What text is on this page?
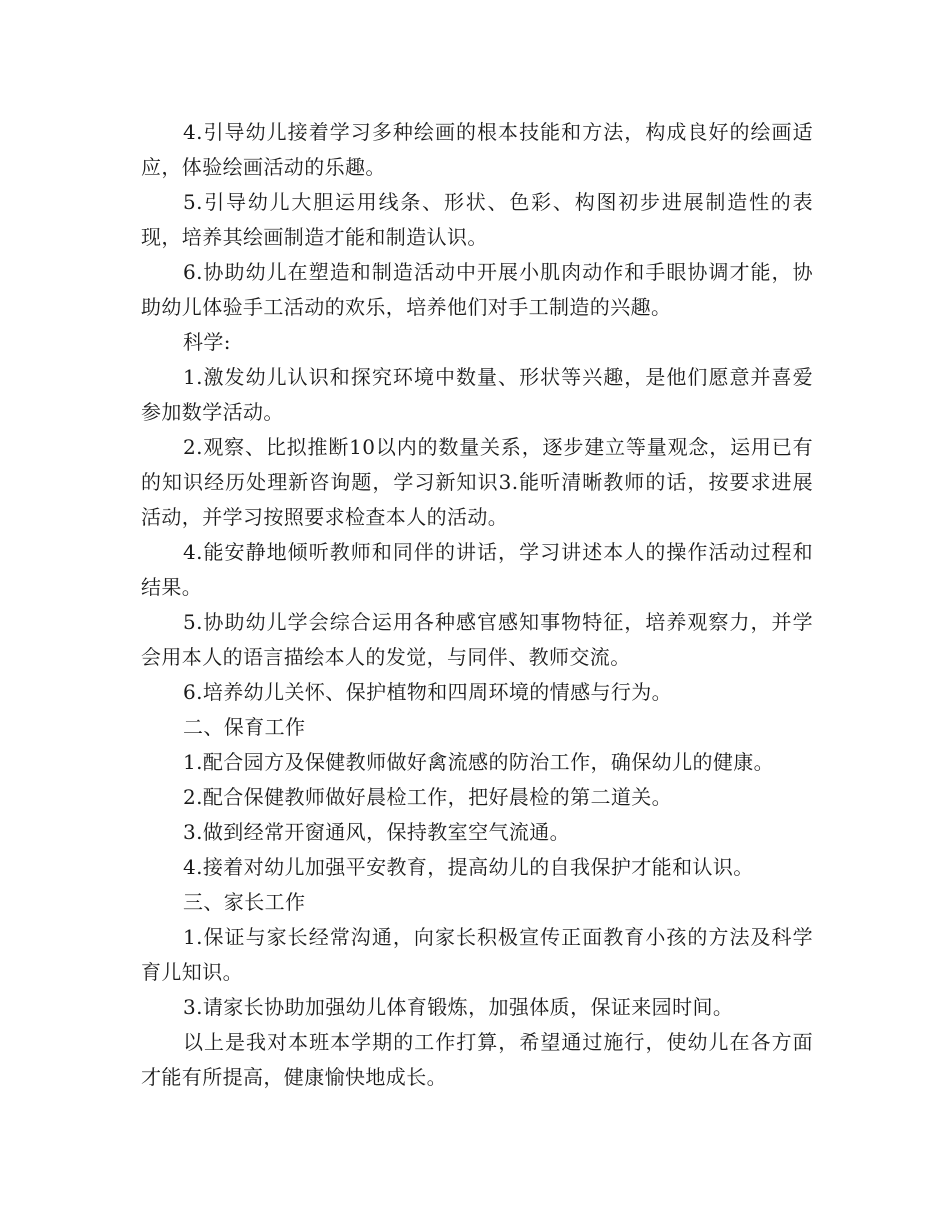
4.引导幼儿接着学习多种绘画的根本技能和方法，构成良好的绘画适应，体验绘画活动的乐趣。

5.引导幼儿大胆运用线条、形状、色彩、构图初步进展制造性的表现，培养其绘画制造才能和制造认识。

6.协助幼儿在塑造和制造活动中开展小肌肉动作和手眼协调才能，协助幼儿体验手工活动的欢乐，培养他们对手工制造的兴趣。

科学:

1.激发幼儿认识和探究环境中数量、形状等兴趣，是他们愿意并喜爱参加数学活动。

2.观察、比拟推断10以内的数量关系，逐步建立等量观念，运用已有的知识经历处理新咨询题，学习新知识3.能听清晰教师的话，按要求进展活动，并学习按照要求检查本人的活动。

4.能安静地倾听教师和同伴的讲话，学习讲述本人的操作活动过程和结果。

5.协助幼儿学会综合运用各种感官感知事物特征，培养观察力，并学会用本人的语言描绘本人的发觉，与同伴、教师交流。

6.培养幼儿关怀、保护植物和四周环境的情感与行为。

二、保育工作

1.配合园方及保健教师做好禽流感的防治工作，确保幼儿的健康。

2.配合保健教师做好晨检工作，把好晨检的第二道关。

3.做到经常开窗通风，保持教室空气流通。

4.接着对幼儿加强平安教育，提高幼儿的自我保护才能和认识。

三、家长工作

1.保证与家长经常沟通，向家长积极宣传正面教育小孩的方法及科学育儿知识。

3.请家长协助加强幼儿体育锻炼，加强体质，保证来园时间。

以上是我对本班本学期的工作打算，希望通过施行，使幼儿在各方面才能有所提高，健康愉快地成长。
